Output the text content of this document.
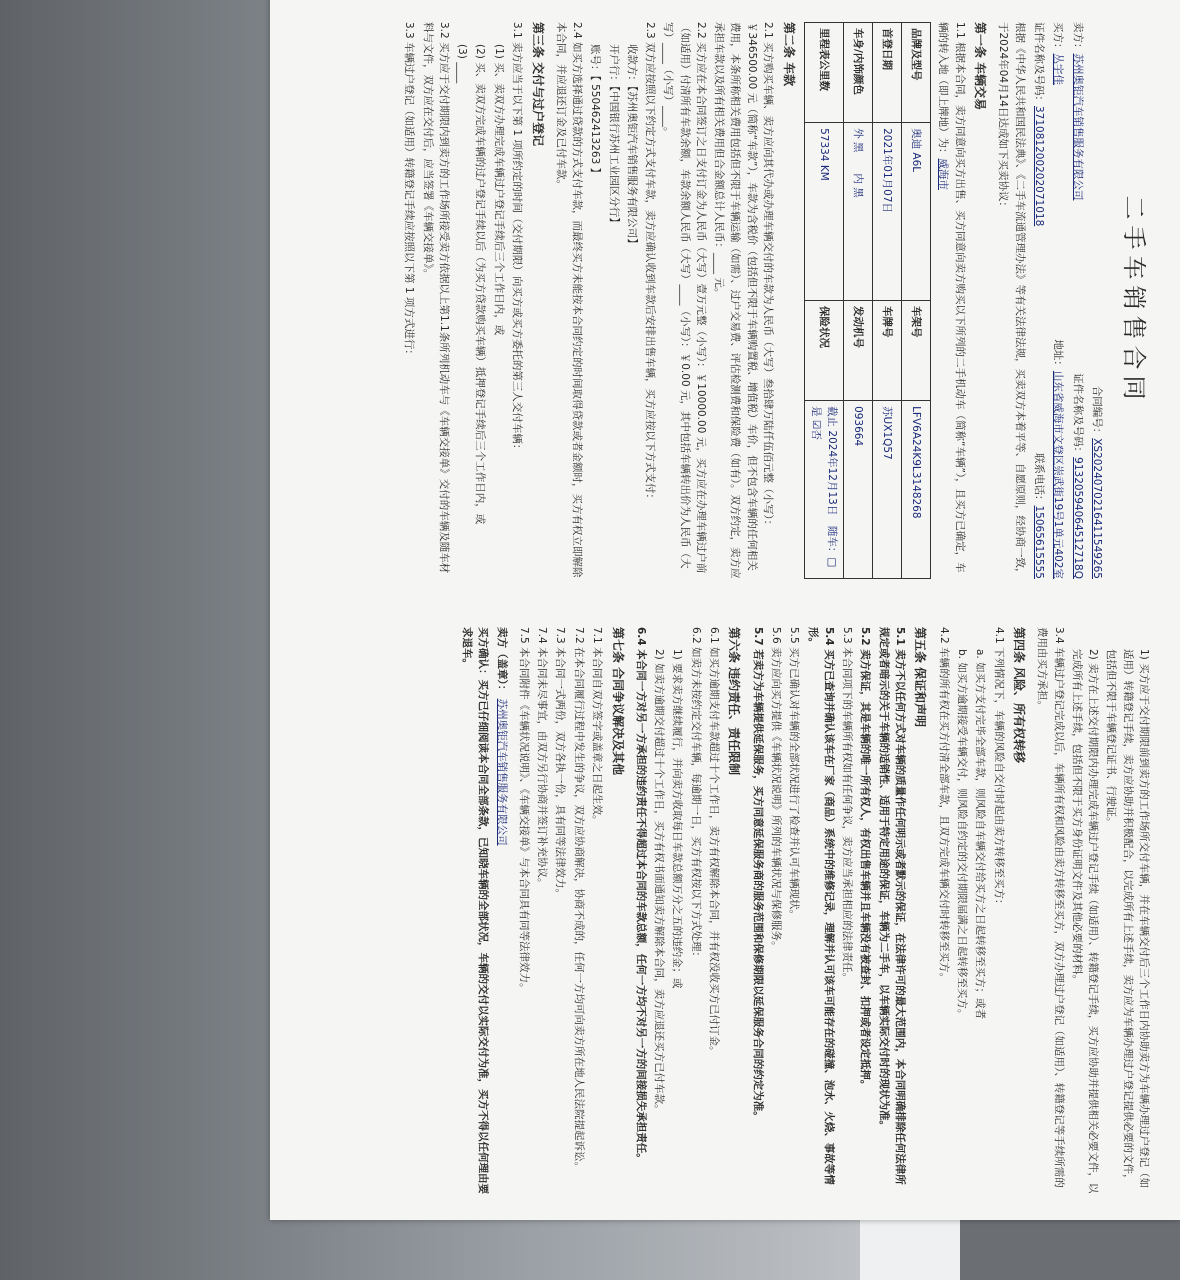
二手车销售合同
合同编号：XS2024070216411549265
卖方：苏州奥钜汽车销售服务有限公司
证件名称及号码：91320594064512718Q
买方：丛宇佳
地址：山东省威海市文登区崇武街19号1单元402室
证件名称及号码：371081200202071018
联系电话：15065615555
根据《中华人民共和国民法典》、《二手车流通管理办法》等有关法律法规，买卖双方本着平等、自愿原则，经协商一致，于2024年04月14日达成如下买卖协议：
第一条 车辆交易
1.1 根据本合同，卖方同意向买方出售、买方同意向卖方购买以下所列的二手机动车（简称“车辆”），且买方已确定，车辆的转入地（即上牌地）为：威海市
品牌及型号	奥迪 A6L	车架号	LFV6A24K9L3148268
首登日期	2021年01月07日	车牌号	苏UX1Q57
车身/内饰颜色	外 黑　　内 黑	发动机号	093664
里程表公里数	57334 KM	保险状况	截止 2024年12月13日　随车：□是 ☑否
第二条 车款
2.1 买方购买车辆、卖方应向其代办或办理车辆交付的车款为人民币（大写）叁拾肆万陆仟伍佰元整（小写）：￥346500.00 元（简称“车款”），车款为含税价（包括但不限于车辆购置税、增值税）车价，但不包含车辆的任何相关费用，本条所称相关费用包括但不限于车辆运输（如需）、过户交易费、评估检测费和保险费（如有）。双方约定，卖方应承担车款以及所有相关费用但合金额总计人民币：____ 元。
2.2 买方应在本合同签订之日支付订金为人民币（大写）壹万元整（小写）：￥10000.00 元，买方应在办理车辆过户前（如适用）付清所有车款余额，车款余额人民币（大写）____（小写）：￥0.00 元，其中包括车辆转出价为人民币（大写）____（小写）____。
2.3 双方应按照以下约定方式支付车款，卖方应确认收到车款后安排出售车辆，买方应按以下方式支付：
收款方：【苏州奥钜汽车销售服务有限公司】
开户行：【中国银行苏州工业园区分行】
账号：【 550462413263 】
2.4 如买方选择通过贷款的方式支付车款，而最终买方未能按本合同约定的时间取得贷款或者金额时，买方有权立即解除本合同，并应退还订金及已付车款。
第三条 交付与过户登记
3.1 卖方应当于以下第 1 项所约定的时间（交付期限）向买方或买方委托的第三人交付车辆：
(1) 买、卖双方办理完成车辆过户登记手续后三个工作日内，或
(2) 买、卖双方完成车辆的过户登记手续以后（为买方贷款购买车辆）抵押登记手续后三个工作日内，或
(3) ____
3.2 买方应于交付期限内到卖方的工作场所接受卖方依据以上第1.1条所列机动车与《车辆交接单》交付的车辆及随车材料与文件，双方应在交付后，应当签署《车辆交接单》。
3.3 车辆过户登记（如适用）转籍登记手续应按照以下第 1 项方式进行：
1) 买方应于交付期限前到卖方的工作场所交付车辆，并在车辆交付后三个工作日内协助卖方为车辆办理过户登记（如适用）转籍登记手续，卖方应协助并积极配合，以完成所有上述手续，卖方应为车辆办理过户登记提供必要的文件，包括但不限于车辆登记证书、行驶证。
2) 卖方在上述交付期限内办理完成车辆过户登记手续（如适用）、转籍登记手续，买方应协助并提供相关必要文件，以完成所有上述手续，包括但不限于买方身份证明文件及其他必要的材料。
3.4 车辆过户登记完成以后，车辆所有权和风险由卖方转移至买方，双方办理过户登记（如适用）、转籍登记等手续所需的费用由买方承担。
第四条 风险、所有权转移
4.1 下列情况下，车辆的风险自交付时起由卖方转移至买方：
a. 如买方支付完毕全部车款，则风险自车辆交付给买方之日起转移至买方；或者
b. 如买方逾期接受车辆交付，则风险自约定的交付期限届满之日起转移至买方。
4.2 车辆的所有权在买方付清全部车款，且双方完成车辆交付时转移至买方。
第五条 保证和声明
5.1 卖方不以任何方式对车辆的质量作任何明示或者默示的保证，在法律许可的最大范围内，本合同明确排除任何法律所规定或者暗示的关于车辆的适销性、适用于特定用途的保证，车辆为二手车，以车辆实际交付时的现状为准。
5.2 卖方保证，其是车辆的唯一所有权人，有权出售车辆并且车辆没有被查封、扣押或者设定抵押。
5.3 本合同项下的车辆所有权如有任何争议，卖方应当承担相应的法律责任。
5.4 买方已查询并确认该车在厂家（商品）系统中的维修记录，理解并认可该车可能存在的碰撞、泡水、火烧、事故等情形。
5.5 买方已确认对车辆的全部状况进行了检查并认可车辆现状。
5.6 卖方应向买方提供《车辆状况说明》所列的车辆状况与保修服务。
5.7 若卖方为车辆提供延保服务，买方同意延保服务商的服务范围和保修期限以延保服务合同的约定为准。
第六条 违约责任、责任限制
6.1 如买方逾期支付车款超过十个工作日，卖方有权解除本合同，并有权没收买方已付订金。
6.2 如卖方未按约定交付车辆，每逾期一日，买方有权按以下方式处理：
1) 要求卖方继续履行，并向卖方收取每日车款总额万分之五的违约金；或
2) 如卖方逾期交付超过十个工作日，买方有权书面通知卖方解除本合同，卖方应退还买方已付车款。
6.4 本合同一方对另一方承担的违约责任不得超过本合同的车款总额，任何一方均不对另一方的间接损失承担责任。
第七条 合同争议解决及其他
7.1 本合同自双方签字或盖章之日起生效。
7.2 在本合同履行过程中发生的争议，双方应协商解决，协商不成的，任何一方均可向卖方所在地人民法院提起诉讼。
7.3 本合同一式两份，双方各执一份，具有同等法律效力。
7.4 本合同未尽事宜，由双方另行协商并签订补充协议。
7.5 本合同附件《车辆状况说明》、《车辆交接单》与本合同具有同等法律效力。
卖方（盖章）： 苏州奥钜汽车销售服务有限公司
买方确认：买方已仔细阅读本合同全部条款，已知晓车辆的全部状况，车辆的交付以实际交付为准，买方不得以任何理由要求退车。
